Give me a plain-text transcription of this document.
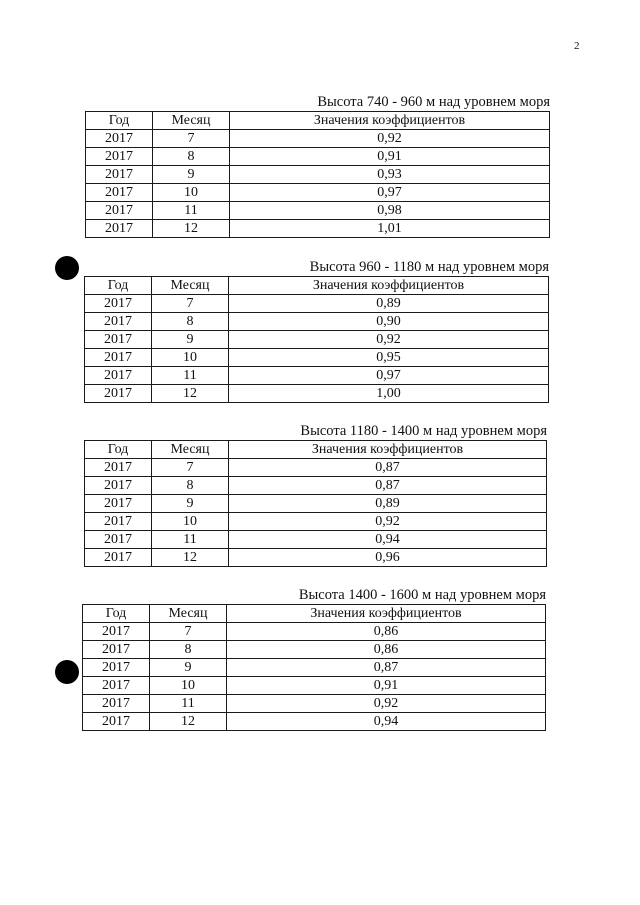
2
Высота 740 - 960 м над уровнем моря
Год	Месяц	Значения коэффициентов
2017	7	0,92
2017	8	0,91
2017	9	0,93
2017	10	0,97
2017	11	0,98
2017	12	1,01
Высота 960 - 1180 м над уровнем моря
Год	Месяц	Значения коэффициентов
2017	7	0,89
2017	8	0,90
2017	9	0,92
2017	10	0,95
2017	11	0,97
2017	12	1,00
Высота 1180 - 1400 м над уровнем моря
Год	Месяц	Значения коэффициентов
2017	7	0,87
2017	8	0,87
2017	9	0,89
2017	10	0,92
2017	11	0,94
2017	12	0,96
Высота 1400 - 1600 м над уровнем моря
Год	Месяц	Значения коэффициентов
2017	7	0,86
2017	8	0,86
2017	9	0,87
2017	10	0,91
2017	11	0,92
2017	12	0,94
